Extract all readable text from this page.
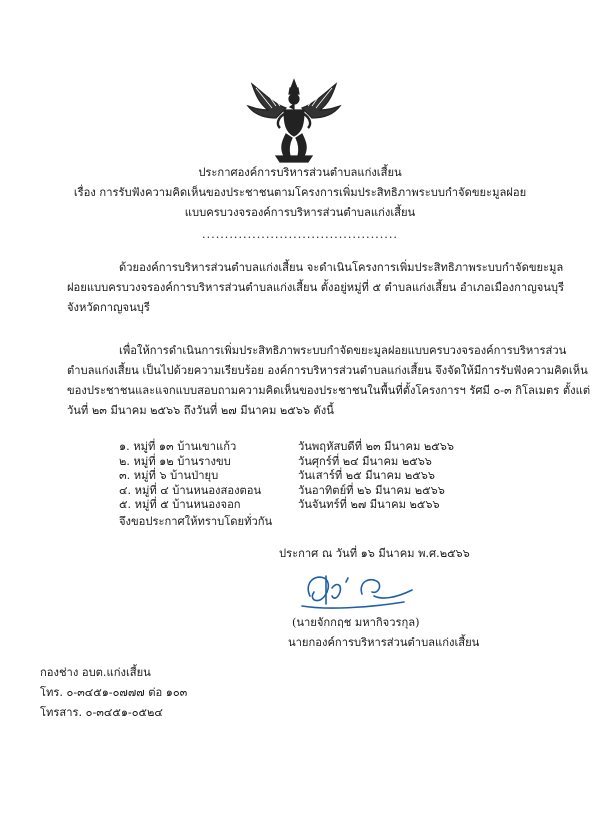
ประกาศองค์การบริหารส่วนตำบลแก่งเสี้ยน
เรื่อง การรับฟังความคิดเห็นของประชาชนตามโครงการเพิ่มประสิทธิภาพระบบกำจัดขยะมูลฝอย
แบบครบวงจรองค์การบริหารส่วนตำบลแก่งเสี้ยน
...........................................
ด้วยองค์การบริหารส่วนตำบลแก่งเสี้ยน จะดำเนินโครงการเพิ่มประสิทธิภาพระบบกำจัดขยะมูล
ฝอยแบบครบวงจรองค์การบริหารส่วนตำบลแก่งเสี้ยน ตั้งอยู่หมู่ที่ ๕ ตำบลแก่งเสี้ยน อำเภอเมืองกาญจนบุรี
จังหวัดกาญจนบุรี
เพื่อให้การดำเนินการเพิ่มประสิทธิภาพระบบกำจัดขยะมูลฝอยแบบครบวงจรองค์การบริหารส่วน
ตำบลแก่งเสี้ยน เป็นไปด้วยความเรียบร้อย องค์การบริหารส่วนตำบลแก่งเสี้ยน จึงจัดให้มีการรับฟังความคิดเห็น
ของประชาชนและแจกแบบสอบถามความคิดเห็นของประชาชนในพื้นที่ตั้งโครงการฯ รัศมี ๐-๓ กิโลเมตร ตั้งแต่
วันที่ ๒๓ มีนาคม ๒๕๖๖ ถึงวันที่ ๒๗ มีนาคม ๒๕๖๖ ดังนี้
๑. หมู่ที่ ๑๓ บ้านเขาแก้ว	วันพฤหัสบดีที่ ๒๓ มีนาคม ๒๕๖๖
๒. หมู่ที่ ๑๒ บ้านรางขบ	วันศุกร์ที่ ๒๔ มีนาคม ๒๕๖๖
๓. หมู่ที่ ๖ บ้านป่ายุบ	วันเสาร์ที่ ๒๕ มีนาคม ๒๕๖๖
๔. หมู่ที่ ๔ บ้านหนองสองตอน	วันอาทิตย์ที่ ๒๖ มีนาคม ๒๕๖๖
๕. หมู่ที่ ๕ บ้านหนองจอก	วันจันทร์ที่ ๒๗ มีนาคม ๒๕๖๖
จึงขอประกาศให้ทราบโดยทั่วกัน
ประกาศ ณ วันที่ ๑๖ มีนาคม พ.ศ.๒๕๖๖
(นายจักกฤช มหากิจวรกุล)
นายกองค์การบริหารส่วนตำบลแก่งเสี้ยน
กองช่าง อบต.แก่งเสี้ยน
โทร. ๐-๓๔๕๑-๐๗๗๗ ต่อ ๑๐๓
โทรสาร. ๐-๓๔๕๑-๐๕๒๔
